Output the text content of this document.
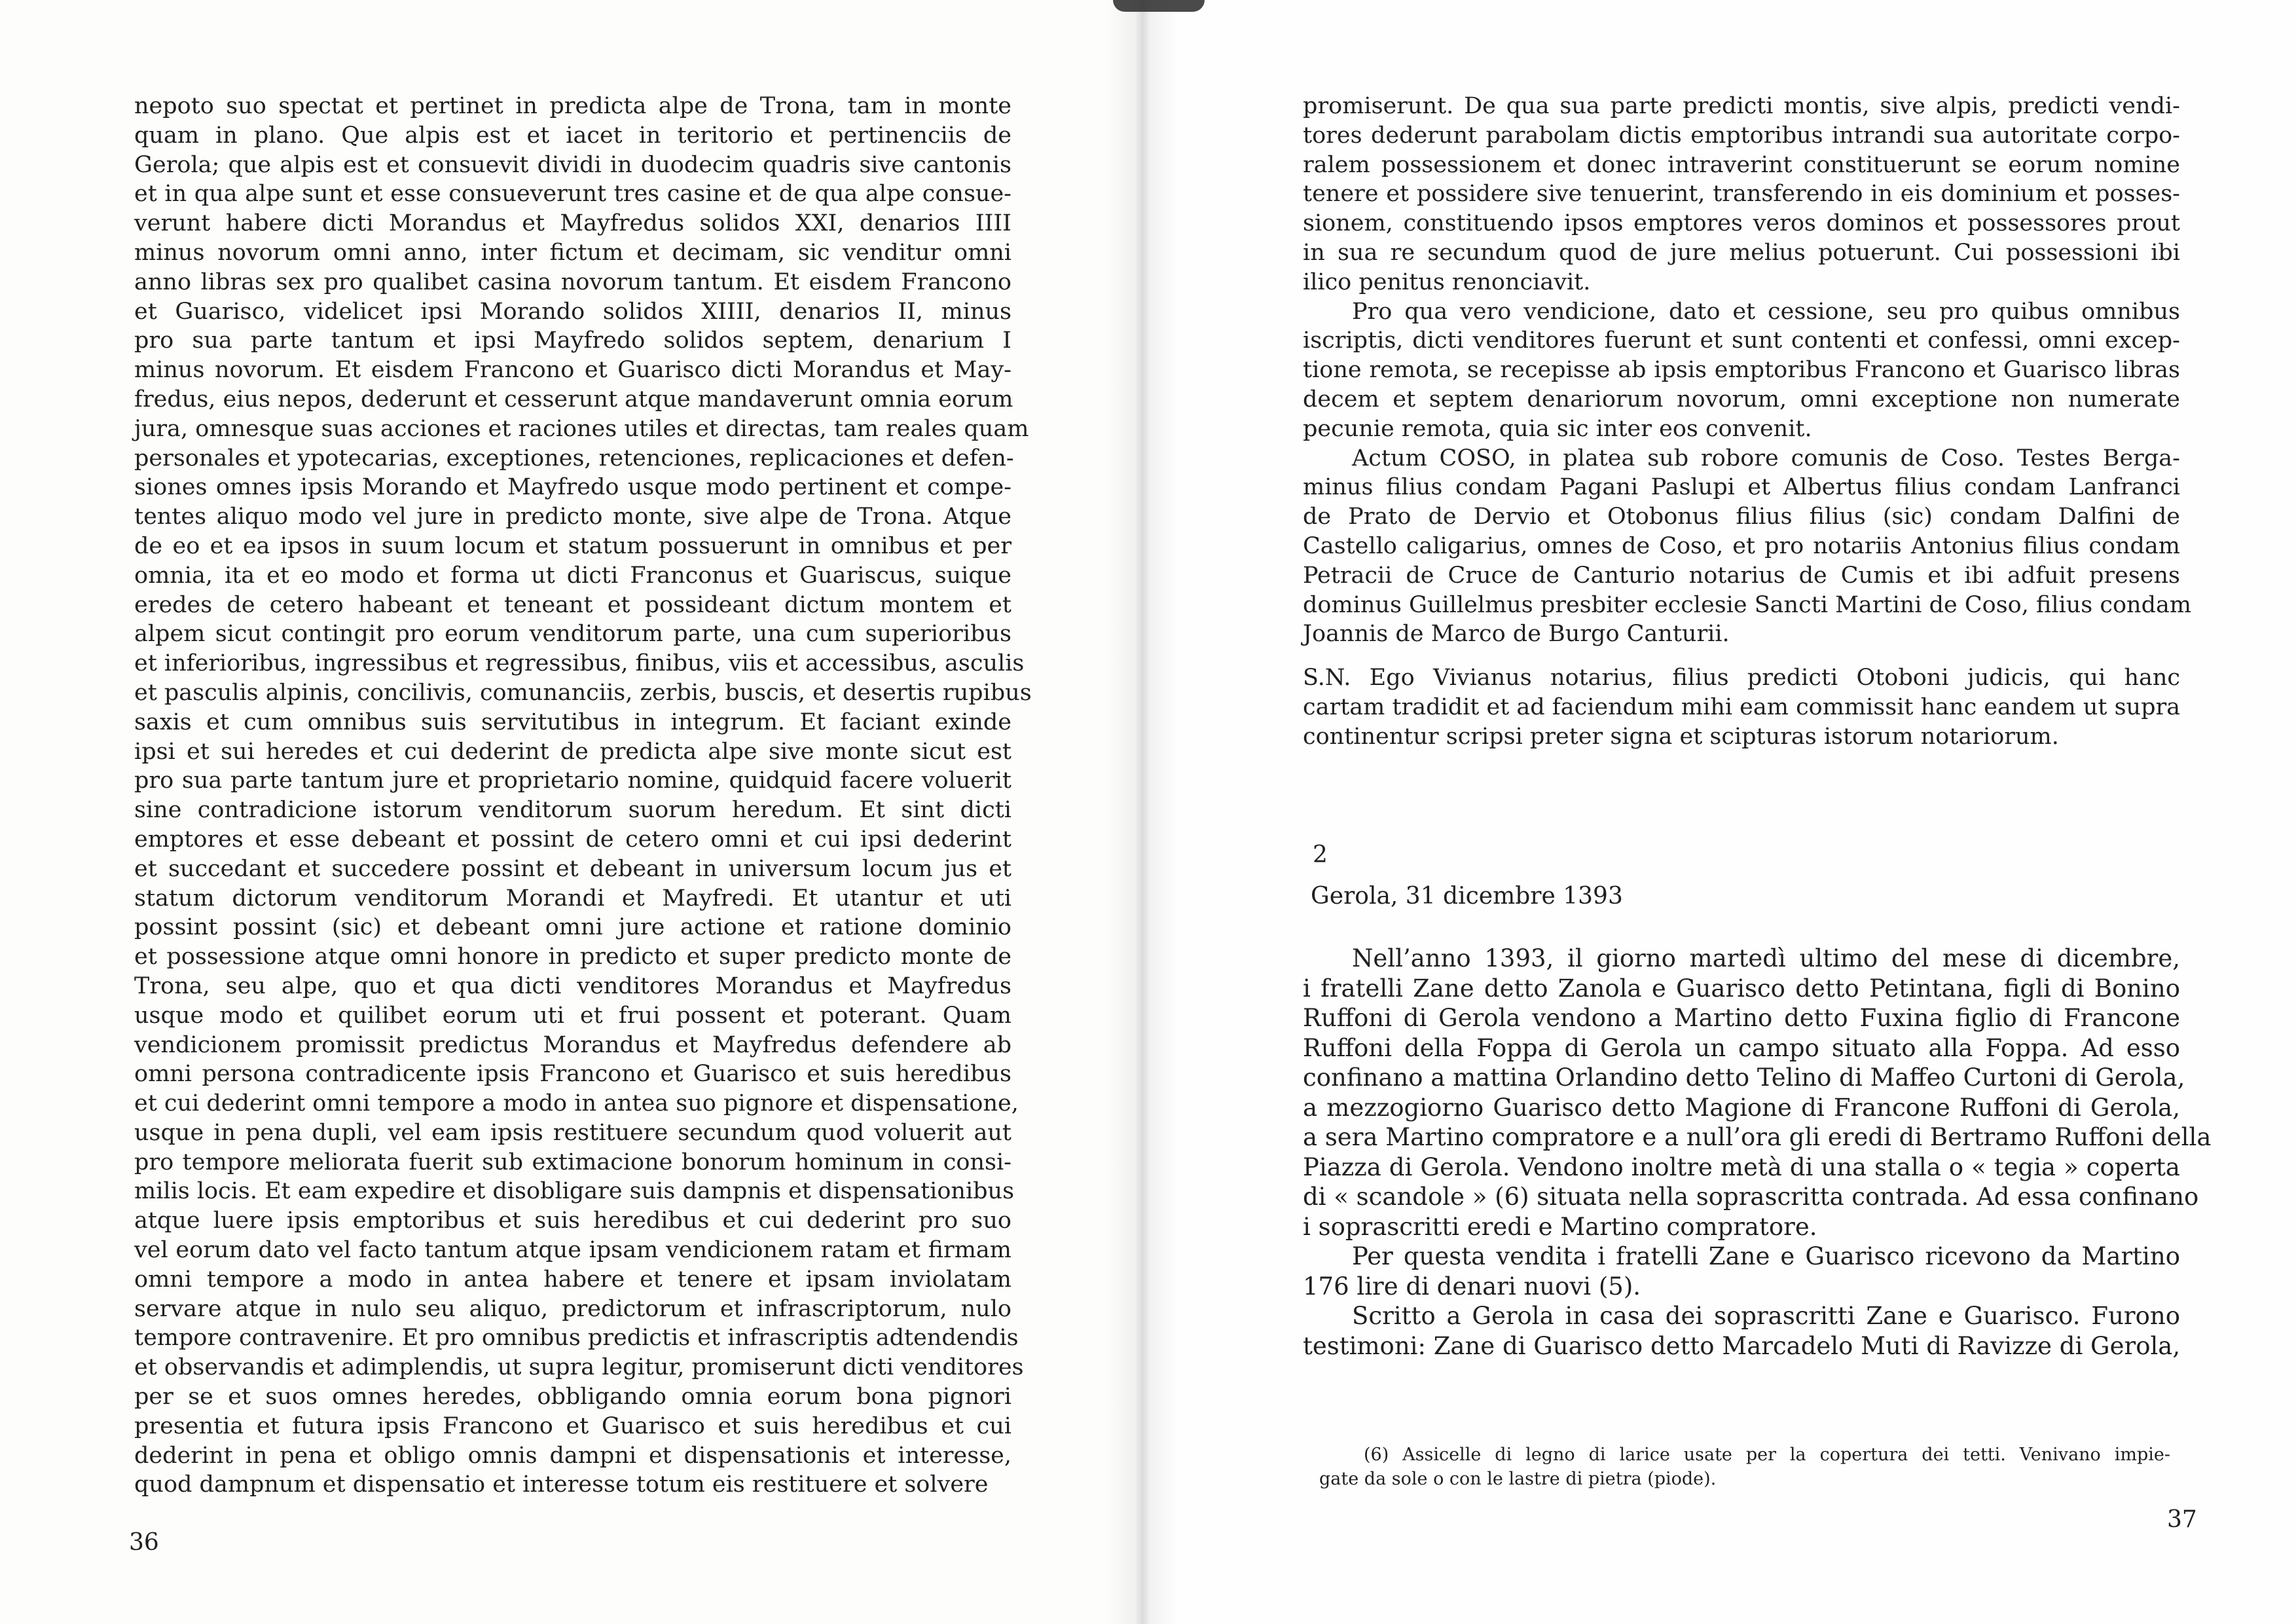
nepoto suo spectat et pertinet in predicta alpe de Trona, tam in monte
quam in plano. Que alpis est et iacet in teritorio et pertinenciis de
Gerola; que alpis est et consuevit dividi in duodecim quadris sive cantonis
et in qua alpe sunt et esse consueverunt tres casine et de qua alpe consue-
verunt habere dicti Morandus et Mayfredus solidos XXI, denarios IIII
minus novorum omni anno, inter fictum et decimam, sic venditur omni
anno libras sex pro qualibet casina novorum tantum. Et eisdem Francono
et Guarisco, videlicet ipsi Morando solidos XIIII, denarios II, minus
pro sua parte tantum et ipsi Mayfredo solidos septem, denarium I
minus novorum. Et eisdem Francono et Guarisco dicti Morandus et May-
fredus, eius nepos, dederunt et cesserunt atque mandaverunt omnia eorum
jura, omnesque suas acciones et raciones utiles et directas, tam reales quam
personales et ypotecarias, exceptiones, retenciones, replicaciones et defen-
siones omnes ipsis Morando et Mayfredo usque modo pertinent et compe-
tentes aliquo modo vel jure in predicto monte, sive alpe de Trona. Atque
de eo et ea ipsos in suum locum et statum possuerunt in omnibus et per
omnia, ita et eo modo et forma ut dicti Franconus et Guariscus, suique
eredes de cetero habeant et teneant et possideant dictum montem et
alpem sicut contingit pro eorum venditorum parte, una cum superioribus
et inferioribus, ingressibus et regressibus, finibus, viis et accessibus, asculis
et pasculis alpinis, concilivis, comunanciis, zerbis, buscis, et desertis rupibus
saxis et cum omnibus suis servitutibus in integrum. Et faciant exinde
ipsi et sui heredes et cui dederint de predicta alpe sive monte sicut est
pro sua parte tantum jure et proprietario nomine, quidquid facere voluerit
sine contradicione istorum venditorum suorum heredum. Et sint dicti
emptores et esse debeant et possint de cetero omni et cui ipsi dederint
et succedant et succedere possint et debeant in universum locum jus et
statum dictorum venditorum Morandi et Mayfredi. Et utantur et uti
possint possint (sic) et debeant omni jure actione et ratione dominio
et possessione atque omni honore in predicto et super predicto monte de
Trona, seu alpe, quo et qua dicti venditores Morandus et Mayfredus
usque modo et quilibet eorum uti et frui possent et poterant. Quam
vendicionem promissit predictus Morandus et Mayfredus defendere ab
omni persona contradicente ipsis Francono et Guarisco et suis heredibus
et cui dederint omni tempore a modo in antea suo pignore et dispensatione,
usque in pena dupli, vel eam ipsis restituere secundum quod voluerit aut
pro tempore meliorata fuerit sub extimacione bonorum hominum in consi-
milis locis. Et eam expedire et disobligare suis dampnis et dispensationibus
atque luere ipsis emptoribus et suis heredibus et cui dederint pro suo
vel eorum dato vel facto tantum atque ipsam vendicionem ratam et firmam
omni tempore a modo in antea habere et tenere et ipsam inviolatam
servare atque in nulo seu aliquo, predictorum et infrascriptorum, nulo
tempore contravenire. Et pro omnibus predictis et infrascriptis adtendendis
et observandis et adimplendis, ut supra legitur, promiserunt dicti venditores
per se et suos omnes heredes, obbligando omnia eorum bona pignori
presentia et futura ipsis Francono et Guarisco et suis heredibus et cui
dederint in pena et obligo omnis dampni et dispensationis et interesse,
quod dampnum et dispensatio et interesse totum eis restituere et solvere
36
promiserunt. De qua sua parte predicti montis, sive alpis, predicti vendi-
tores dederunt parabolam dictis emptoribus intrandi sua autoritate corpo-
ralem possessionem et donec intraverint constituerunt se eorum nomine
tenere et possidere sive tenuerint, transferendo in eis dominium et posses-
sionem, constituendo ipsos emptores veros dominos et possessores prout
in sua re secundum quod de jure melius potuerunt. Cui possessioni ibi
ilico penitus renonciavit.
Pro qua vero vendicione, dato et cessione, seu pro quibus omnibus
iscriptis, dicti venditores fuerunt et sunt contenti et confessi, omni excep-
tione remota, se recepisse ab ipsis emptoribus Francono et Guarisco libras
decem et septem denariorum novorum, omni exceptione non numerate
pecunie remota, quia sic inter eos convenit.
Actum COSO, in platea sub robore comunis de Coso. Testes Berga-
minus filius condam Pagani Paslupi et Albertus filius condam Lanfranci
de Prato de Dervio et Otobonus filius filius (sic) condam Dalfini de
Castello caligarius, omnes de Coso, et pro notariis Antonius filius condam
Petracii de Cruce de Canturio notarius de Cumis et ibi adfuit presens
dominus Guillelmus presbiter ecclesie Sancti Martini de Coso, filius condam
Joannis de Marco de Burgo Canturii.
S.N. Ego Vivianus notarius, filius predicti Otoboni judicis, qui hanc
cartam tradidit et ad faciendum mihi eam commissit hanc eandem ut supra
continentur scripsi preter signa et scipturas istorum notariorum.
2
Gerola, 31 dicembre 1393
Nell’anno 1393, il giorno martedì ultimo del mese di dicembre,
i fratelli Zane detto Zanola e Guarisco detto Petintana, figli di Bonino
Ruffoni di Gerola vendono a Martino detto Fuxina figlio di Francone
Ruffoni della Foppa di Gerola un campo situato alla Foppa. Ad esso
confinano a mattina Orlandino detto Telino di Maffeo Curtoni di Gerola,
a mezzogiorno Guarisco detto Magione di Francone Ruffoni di Gerola,
a sera Martino compratore e a null’ora gli eredi di Bertramo Ruffoni della
Piazza di Gerola. Vendono inoltre metà di una stalla o « tegia » coperta
di « scandole » (6) situata nella soprascritta contrada. Ad essa confinano
i soprascritti eredi e Martino compratore.
Per questa vendita i fratelli Zane e Guarisco ricevono da Martino
176 lire di denari nuovi (5).
Scritto a Gerola in casa dei soprascritti Zane e Guarisco. Furono
testimoni: Zane di Guarisco detto Marcadelo Muti di Ravizze di Gerola,
(6) Assicelle di legno di larice usate per la copertura dei tetti. Venivano impie-
gate da sole o con le lastre di pietra (piode).
37
